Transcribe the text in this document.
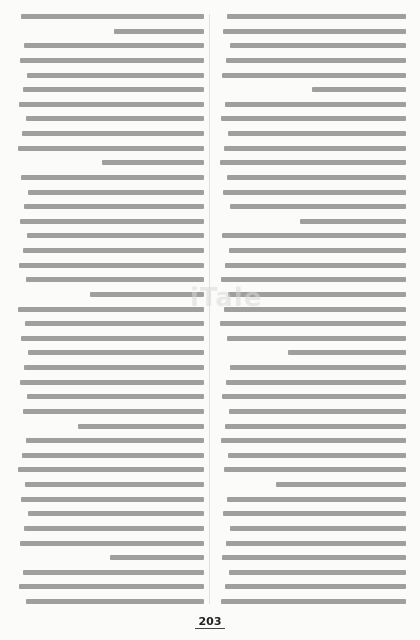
iTale
203
